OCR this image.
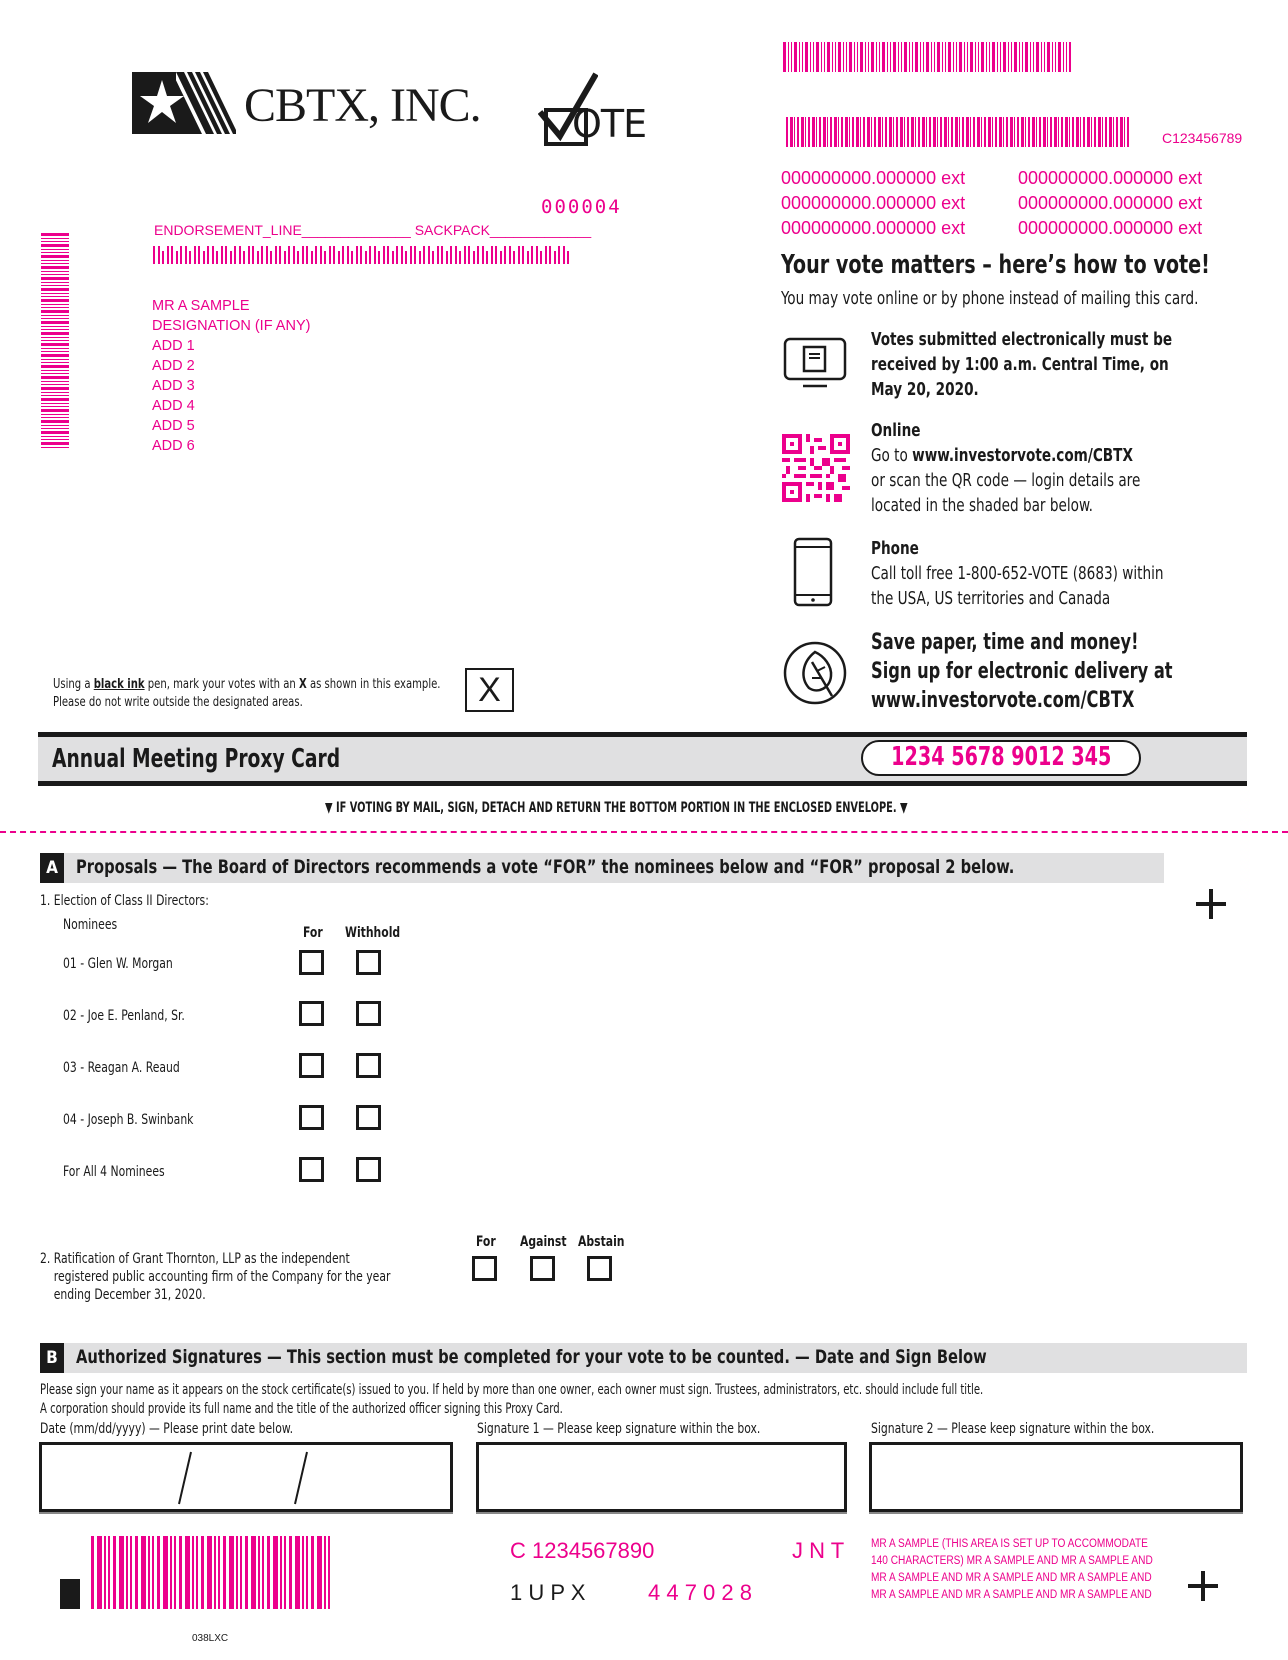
CBTX, INC. OTE	C123456789
000000000.000000 ext	000000000.000000 ext
000000000.000000 ext	000000000.000000 ext
000000000.000000 ext	000000000.000000 ext
000004
ENDORSEMENT_LINE______________ SACKPACK_____________
MR A SAMPLE
DESIGNATION (IF ANY)
ADD 1
ADD 2
ADD 3
ADD 4
ADD 5
ADD 6
Your vote matters – here’s how to vote!
You may vote online or by phone instead of mailing this card.
Votes submitted electronically must be
received by 1:00 a.m. Central Time, on
May 20, 2020.
Online
Go to www.investorvote.com/CBTX
or scan the QR code — login details are
located in the shaded bar below.
Phone
Call toll free 1-800-652-VOTE (8683) within
the USA, US territories and Canada
Save paper, time and money!
Sign up for electronic delivery at
www.investorvote.com/CBTX
Using a black ink pen, mark your votes with an X as shown in this example.
Please do not write outside the designated areas.	X
Annual Meeting Proxy Card	1234 5678 9012 345
▼ IF VOTING BY MAIL, SIGN, DETACH AND RETURN THE BOTTOM PORTION IN THE ENCLOSED ENVELOPE. ▼
A Proposals — The Board of Directors recommends a vote “FOR” the nominees below and “FOR” proposal 2 below.
1. Election of Class II Directors:
Nominees	For Withhold
01 - Glen W. Morgan
02 - Joe E. Penland, Sr.
03 - Reagan A. Reaud
04 - Joseph B. Swinbank
For All 4 Nominees
2. Ratification of Grant Thornton, LLP as the independent
registered public accounting firm of the Company for the year
ending December 31, 2020.
For Against Abstain
B Authorized Signatures — This section must be completed for your vote to be counted. — Date and Sign Below
Please sign your name as it appears on the stock certificate(s) issued to you. If held by more than one owner, each owner must sign. Trustees, administrators, etc. should include full title.
A corporation should provide its full name and the title of the authorized officer signing this Proxy Card.
Date (mm/dd/yyyy) — Please print date below.	Signature 1 — Please keep signature within the box.	Signature 2 — Please keep signature within the box.
C 1234567890	J N T
1 U P X	4 4 7 0 2 8
038LXC
MR A SAMPLE (THIS AREA IS SET UP TO ACCOMMODATE
140 CHARACTERS) MR A SAMPLE AND MR A SAMPLE AND
MR A SAMPLE AND MR A SAMPLE AND MR A SAMPLE AND
MR A SAMPLE AND MR A SAMPLE AND MR A SAMPLE AND
